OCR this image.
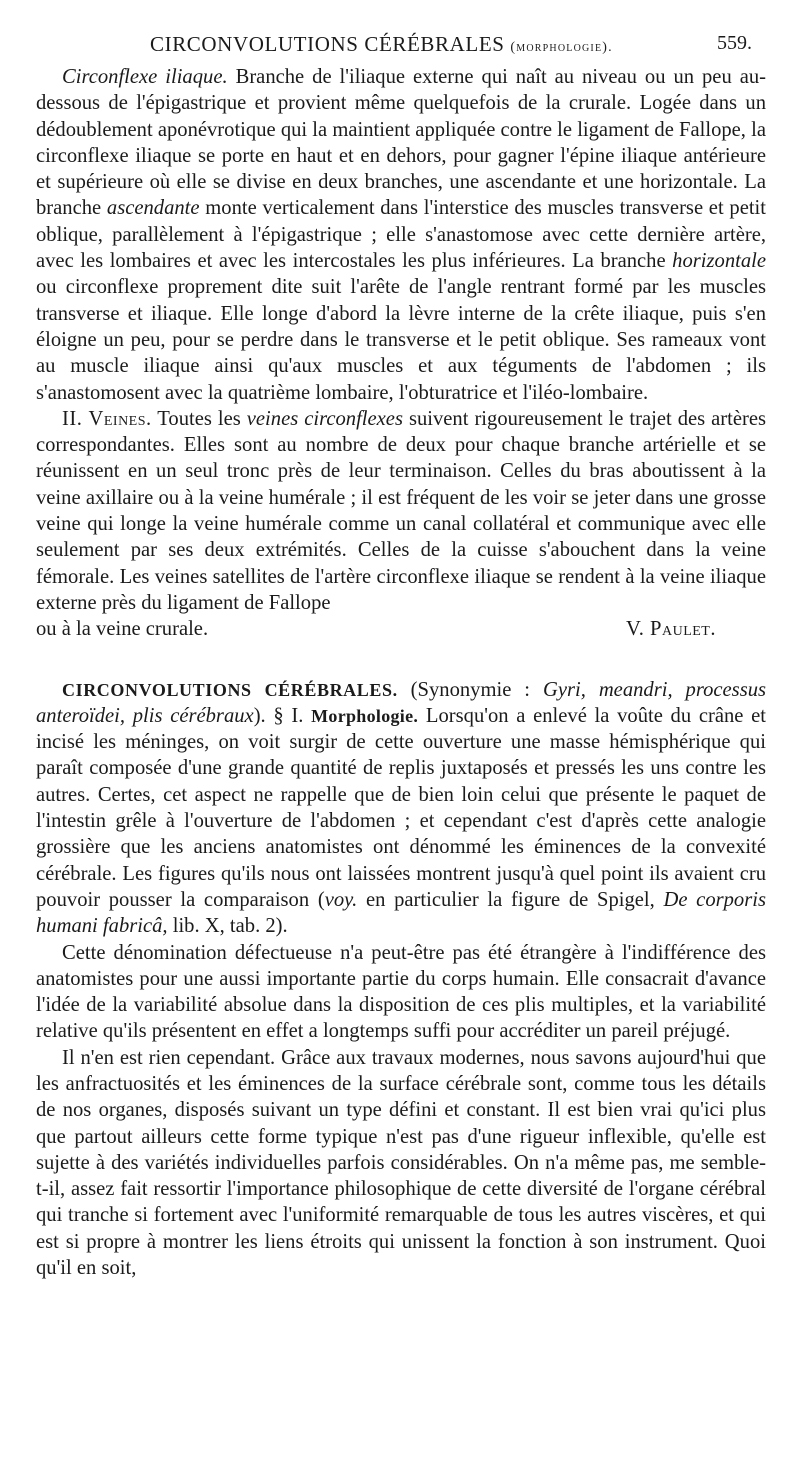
CIRCONVOLUTIONS CÉRÉBRALES (morphologie).	559.

Circonflexe iliaque. Branche de l'iliaque externe qui naît au niveau ou un peu au-dessous de l'épigastrique et provient même quelquefois de la crurale. Logée dans un dédoublement aponévrotique qui la maintient appliquée contre le ligament de Fallope, la circonflexe iliaque se porte en haut et en dehors, pour gagner l'épine iliaque antérieure et supérieure où elle se divise en deux branches, une ascendante et une horizontale. La branche ascendante monte verticalement dans l'interstice des muscles transverse et petit oblique, parallèlement à l'épigastrique ; elle s'anastomose avec cette dernière artère, avec les lombaires et avec les intercostales les plus inférieures. La branche horizontale ou circonflexe proprement dite suit l'arête de l'angle rentrant formé par les muscles transverse et iliaque. Elle longe d'abord la lèvre interne de la crête iliaque, puis s'en éloigne un peu, pour se perdre dans le transverse et le petit oblique. Ses rameaux vont au muscle iliaque ainsi qu'aux muscles et aux téguments de l'abdomen ; ils s'anastomosent avec la quatrième lombaire, l'obturatrice et l'iléo-lombaire.

II. Veines. Toutes les veines circonflexes suivent rigoureusement le trajet des artères correspondantes. Elles sont au nombre de deux pour chaque branche artérielle et se réunissent en un seul tronc près de leur terminaison. Celles du bras aboutissent à la veine axillaire ou à la veine humérale ; il est fréquent de les voir se jeter dans une grosse veine qui longe la veine humérale comme un canal collatéral et communique avec elle seulement par ses deux extrémités. Celles de la cuisse s'abouchent dans la veine fémorale. Les veines satellites de l'artère circonflexe iliaque se rendent à la veine iliaque externe près du ligament de Fallope

ou à la veine crurale.	V. Paulet.

CIRCONVOLUTIONS CÉRÉBRALES. (Synonymie : Gyri, meandri, processus anteroïdei, plis cérébraux). § I. Morphologie. Lorsqu'on a enlevé la voûte du crâne et incisé les méninges, on voit surgir de cette ouverture une masse hémisphérique qui paraît composée d'une grande quantité de replis juxtaposés et pressés les uns contre les autres. Certes, cet aspect ne rappelle que de bien loin celui que présente le paquet de l'intestin grêle à l'ouverture de l'abdomen ; et cependant c'est d'après cette analogie grossière que les anciens anatomistes ont dénommé les éminences de la convexité cérébrale. Les figures qu'ils nous ont laissées montrent jusqu'à quel point ils avaient cru pouvoir pousser la comparaison (voy. en particulier la figure de Spigel, De corporis humani fabricâ, lib. X, tab. 2).

Cette dénomination défectueuse n'a peut-être pas été étrangère à l'indifférence des anatomistes pour une aussi importante partie du corps humain. Elle consacrait d'avance l'idée de la variabilité absolue dans la disposition de ces plis multiples, et la variabilité relative qu'ils présentent en effet a longtemps suffi pour accréditer un pareil préjugé.

Il n'en est rien cependant. Grâce aux travaux modernes, nous savons aujourd'hui que les anfractuosités et les éminences de la surface cérébrale sont, comme tous les détails de nos organes, disposés suivant un type défini et constant. Il est bien vrai qu'ici plus que partout ailleurs cette forme typique n'est pas d'une rigueur inflexible, qu'elle est sujette à des variétés individuelles parfois considérables. On n'a même pas, me semble-t-il, assez fait ressortir l'importance philosophique de cette diversité de l'organe cérébral qui tranche si fortement avec l'uniformité remarquable de tous les autres viscères, et qui est si propre à montrer les liens étroits qui unissent la fonction à son instrument. Quoi qu'il en soit,
